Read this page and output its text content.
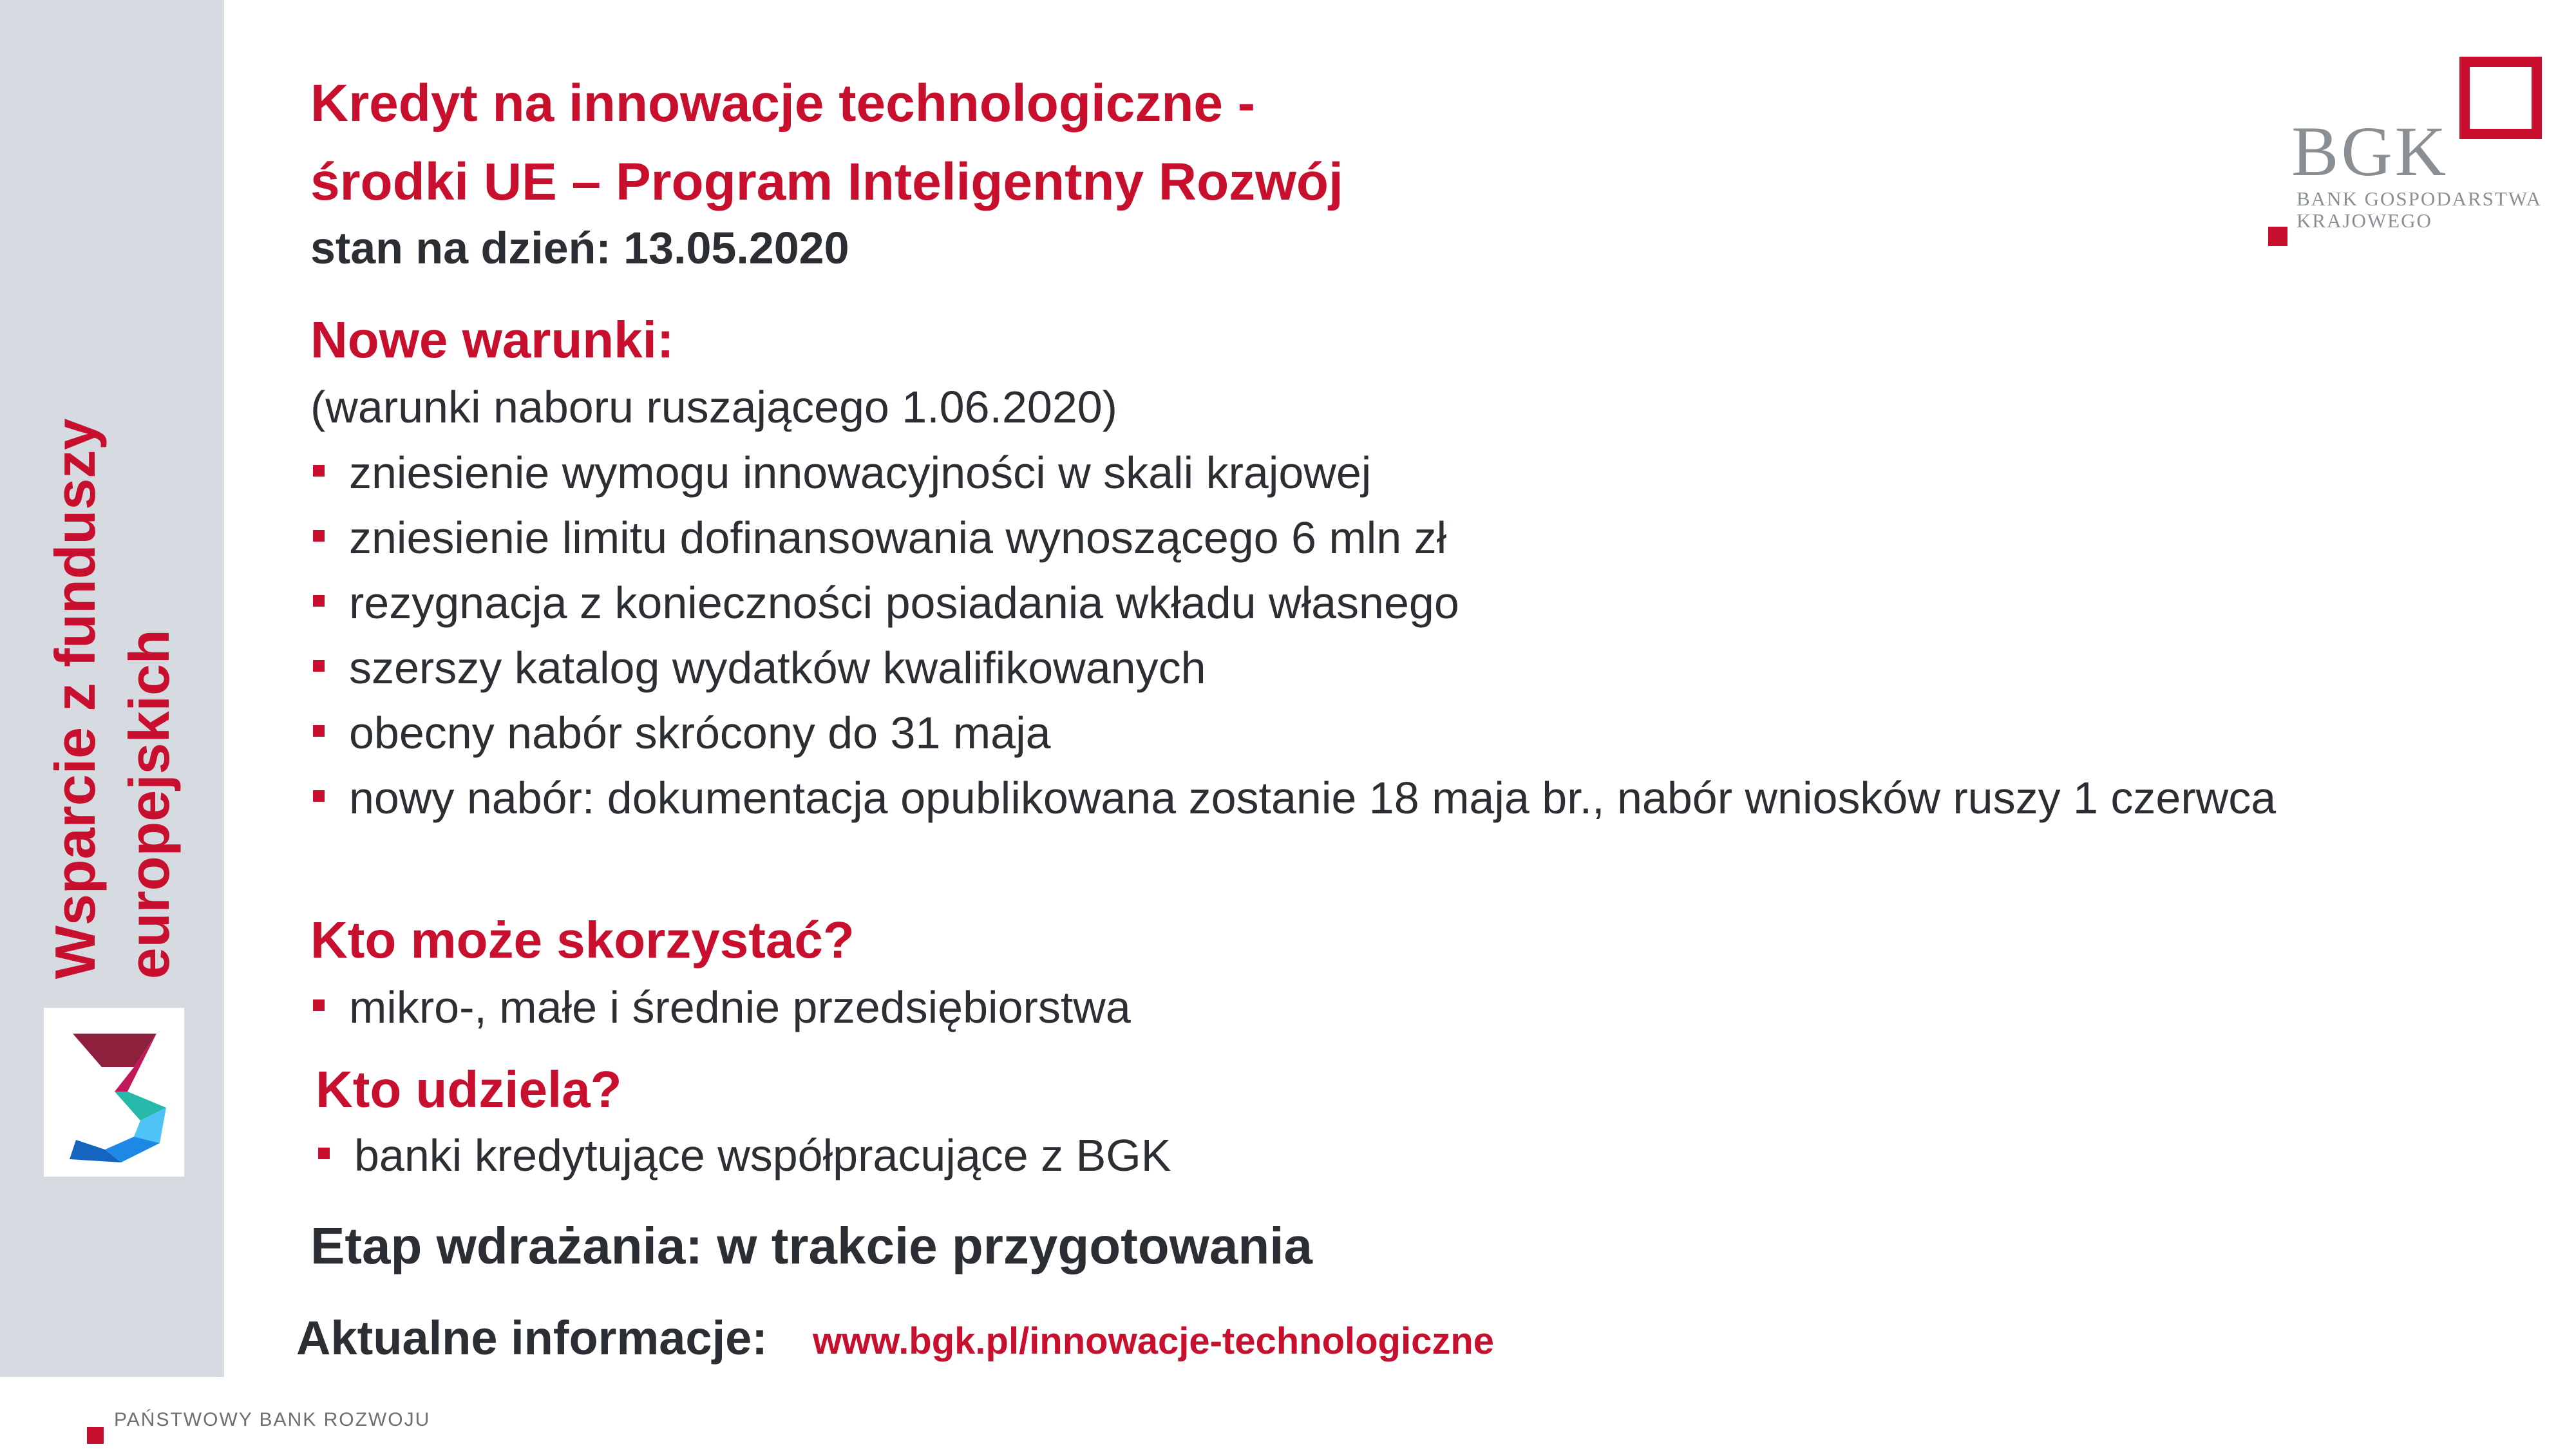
Wsparcie z funduszy europejskich
Kredyt na innowacje technologiczne -
środki UE – Program Inteligentny Rozwój
stan na dzień: 13.05.2020
Nowe warunki:
(warunki naboru ruszającego 1.06.2020)
zniesienie wymogu innowacyjności w skali krajowej
zniesienie limitu dofinansowania wynoszącego 6 mln zł
rezygnacja z konieczności posiadania wkładu własnego
szerszy katalog wydatków kwalifikowanych
obecny nabór skrócony do 31 maja
nowy nabór: dokumentacja opublikowana zostanie 18 maja br., nabór wniosków ruszy 1 czerwca
Kto może skorzystać?
mikro-, małe i średnie przedsiębiorstwa
Kto udziela?
banki kredytujące współpracujące z BGK
Etap wdrażania: w trakcie przygotowania
Aktualne informacje: www.bgk.pl/innowacje-technologiczne
BGK
BANK GOSPODARSTWA
KRAJOWEGO
PAŃSTWOWY BANK ROZWOJU
